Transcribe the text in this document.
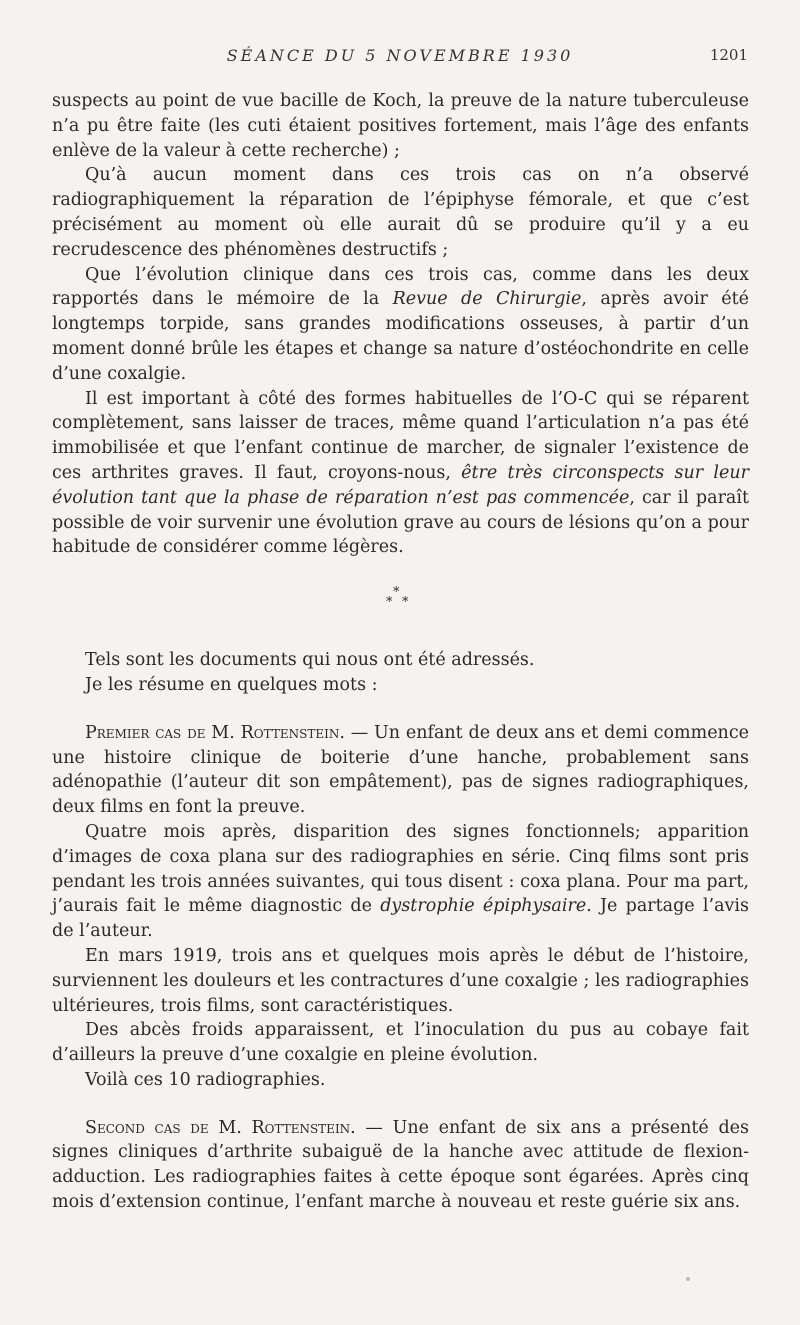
SÉANCE DU 5 NOVEMBRE 1930	1201

suspects au point de vue bacille de Koch, la preuve de la nature tuberculeuse n’a pu être faite (les cuti étaient positives fortement, mais l’âge des enfants enlève de la valeur à cette recherche) ;

Qu’à aucun moment dans ces trois cas on n’a observé radiographiquement la réparation de l’épiphyse fémorale, et que c’est précisément au moment où elle aurait dû se produire qu’il y a eu recrudescence des phénomènes destructifs ;

Que l’évolution clinique dans ces trois cas, comme dans les deux rapportés dans le mémoire de la Revue de Chirurgie, après avoir été longtemps torpide, sans grandes modifications osseuses, à partir d’un moment donné brûle les étapes et change sa nature d’ostéochondrite en celle d’une coxalgie.

Il est important à côté des formes habituelles de l’O-C qui se réparent complètement, sans laisser de traces, même quand l’articulation n’a pas été immobilisée et que l’enfant continue de marcher, de signaler l’existence de ces arthrites graves. Il faut, croyons-nous, être très circonspects sur leur évolution tant que la phase de réparation n’est pas commencée, car il paraît possible de voir survenir une évolution grave au cours de lésions qu’on a pour habitude de considérer comme légères.

*
* *

Tels sont les documents qui nous ont été adressés.

Je les résume en quelques mots :

Premier cas de M. Rottenstein. — Un enfant de deux ans et demi commence une histoire clinique de boiterie d’une hanche, probablement sans adénopathie (l’auteur dit son empâtement), pas de signes radiographiques, deux films en font la preuve.

Quatre mois après, disparition des signes fonctionnels; apparition d’images de coxa plana sur des radiographies en série. Cinq films sont pris pendant les trois années suivantes, qui tous disent : coxa plana. Pour ma part, j’aurais fait le même diagnostic de dystrophie épiphysaire. Je partage l’avis de l’auteur.

En mars 1919, trois ans et quelques mois après le début de l’histoire, surviennent les douleurs et les contractures d’une coxalgie ; les radiographies ultérieures, trois films, sont caractéristiques.

Des abcès froids apparaissent, et l’inoculation du pus au cobaye fait d’ailleurs la preuve d’une coxalgie en pleine évolution.

Voilà ces 10 radiographies.

Second cas de M. Rottenstein. — Une enfant de six ans a présenté des signes cliniques d’arthrite subaiguë de la hanche avec attitude de flexion-adduction. Les radiographies faites à cette époque sont égarées. Après cinq mois d’extension continue, l’enfant marche à nouveau et reste guérie six ans.
